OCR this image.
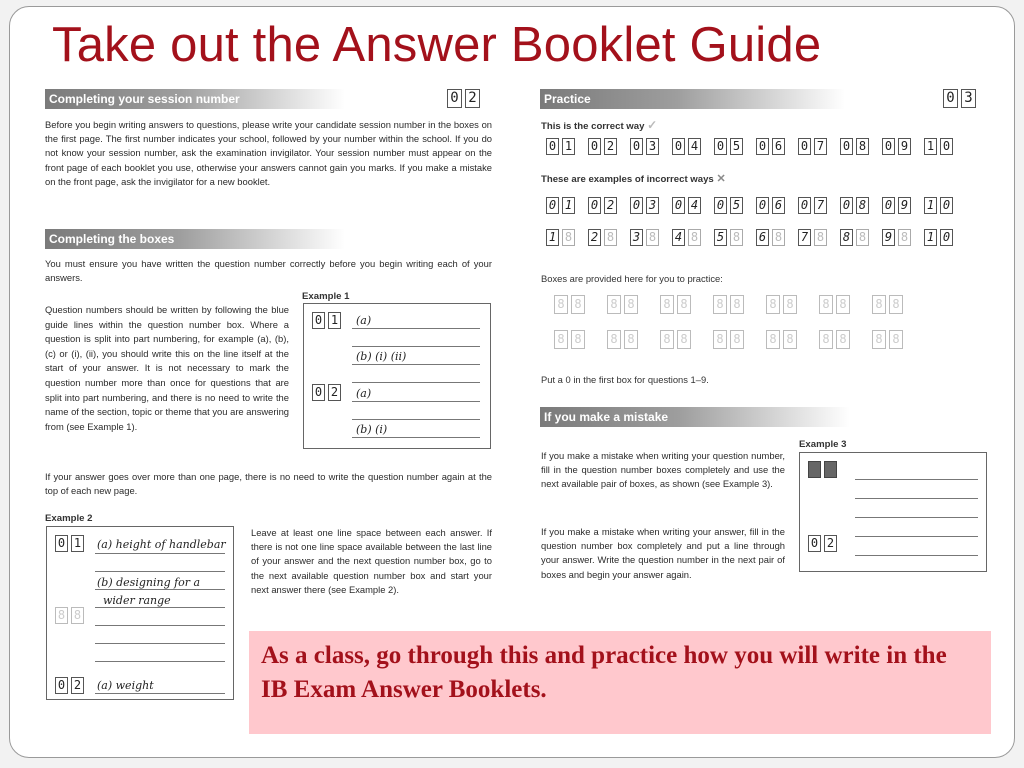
Take out the Answer Booklet Guide
Completing your session number	0 2
Before you begin writing answers to questions, please write your candidate session number in the boxes on the first page. The first number indicates your school, followed by your number within the school. If you do not know your session number, ask the examination invigilator. Your session number must appear on the front page of each booklet you use, otherwise your answers cannot gain you marks. If you make a mistake on the front page, ask the invigilator for a new booklet.
Completing the boxes
You must ensure you have written the question number correctly before you begin writing each of your answers.
Question numbers should be written by following the blue guide lines within the question number box. Where a question is split into part numbering, for example (a), (b), (c) or (i), (ii), you should write this on the line itself at the start of your answer. It is not necessary to mark the question number more than once for questions that are split into part numbering, and there is no need to write the name of the section, topic or theme that you are answering from (see Example 1).
Example 1
0 1	(a)
(b) (i) (ii)
0 2	(a)
(b) (i)
If your answer goes over more than one page, there is no need to write the question number again at the top of each new page.
Example 2
0 1	(a) height of handlebar
(b) designing for a
wider range
8 8
0 2	(a) weight
Leave at least one line space between each answer. If there is not one line space available between the last line of your answer and the next question number box, go to the next available question number box and start your next answer there (see Example 2).
Practice	0 3
This is the correct way ✓
0 1 0 2 0 3 0 4 0 5 0 6 0 7 0 8 0 9 1 0
These are examples of incorrect ways ✕
0 1 0 2 0 3 0 4 0 5 0 6 0 7 0 8 0 9 1 0
1 8 2 8 3 8 4 8 5 8 6 8 7 8 8 8 9 8 1 0
Boxes are provided here for you to practice:
8 8 8 8 8 8 8 8 8 8 8 8 8 8
8 8 8 8 8 8 8 8 8 8 8 8 8 8
Put a 0 in the first box for questions 1–9.
If you make a mistake
If you make a mistake when writing your question number, fill in the question number boxes completely and use the next available pair of boxes, as shown (see Example 3).
If you make a mistake when writing your answer, fill in the question number box completely and put a line through your answer. Write the question number in the next pair of boxes and begin your answer again.
Example 3
0 2
As a class, go through this and practice how you will write in the IB Exam Answer Booklets.
